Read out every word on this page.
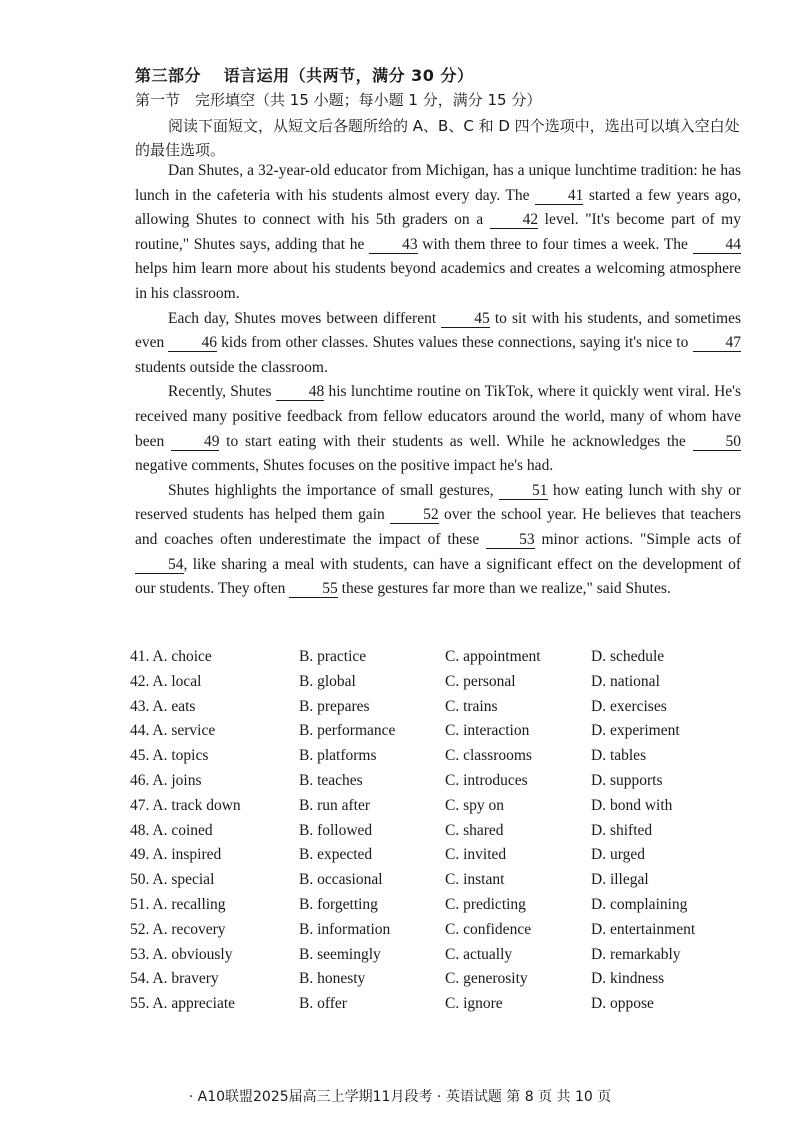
第三部分　 语言运用（共两节，满分 30 分）
第一节　完形填空（共 15 小题；每小题 1 分，满分 15 分）
阅读下面短文，从短文后各题所给的 A、B、C 和 D 四个选项中，选出可以填入空白处的最佳选项。

Dan Shutes, a 32-year-old educator from Michigan, has a unique lunchtime tradition: he has lunch in the cafeteria with his students almost every day. The 41 started a few years ago, allowing Shutes to connect with his 5th graders on a 42 level. "It's become part of my routine," Shutes says, adding that he 43 with them three to four times a week. The 44 helps him learn more about his students beyond academics and creates a welcoming atmosphere in his classroom.

Each day, Shutes moves between different 45 to sit with his students, and sometimes even 46 kids from other classes. Shutes values these connections, saying it's nice to 47 students outside the classroom.

Recently, Shutes 48 his lunchtime routine on TikTok, where it quickly went viral. He's received many positive feedback from fellow educators around the world, many of whom have been 49 to start eating with their students as well. While he acknowledges the 50 negative comments, Shutes focuses on the positive impact he's had.

Shutes highlights the importance of small gestures, 51 how eating lunch with shy or reserved students has helped them gain 52 over the school year. He believes that teachers and coaches often underestimate the impact of these 53 minor actions. "Simple acts of 54, like sharing a meal with students, can have a significant effect on the development of our students. They often 55 these gestures far more than we realize," said Shutes.

41. A. choice	B. practice	C. appointment	D. schedule
42. A. local	B. global	C. personal	D. national
43. A. eats	B. prepares	C. trains	D. exercises
44. A. service	B. performance	C. interaction	D. experiment
45. A. topics	B. platforms	C. classrooms	D. tables
46. A. joins	B. teaches	C. introduces	D. supports
47. A. track down	B. run after	C. spy on	D. bond with
48. A. coined	B. followed	C. shared	D. shifted
49. A. inspired	B. expected	C. invited	D. urged
50. A. special	B. occasional	C. instant	D. illegal
51. A. recalling	B. forgetting	C. predicting	D. complaining
52. A. recovery	B. information	C. confidence	D. entertainment
53. A. obviously	B. seemingly	C. actually	D. remarkably
54. A. bravery	B. honesty	C. generosity	D. kindness
55. A. appreciate	B. offer	C. ignore	D. oppose
· A10联盟2025届高三上学期11月段考 · 英语试题 第 8 页 共 10 页
